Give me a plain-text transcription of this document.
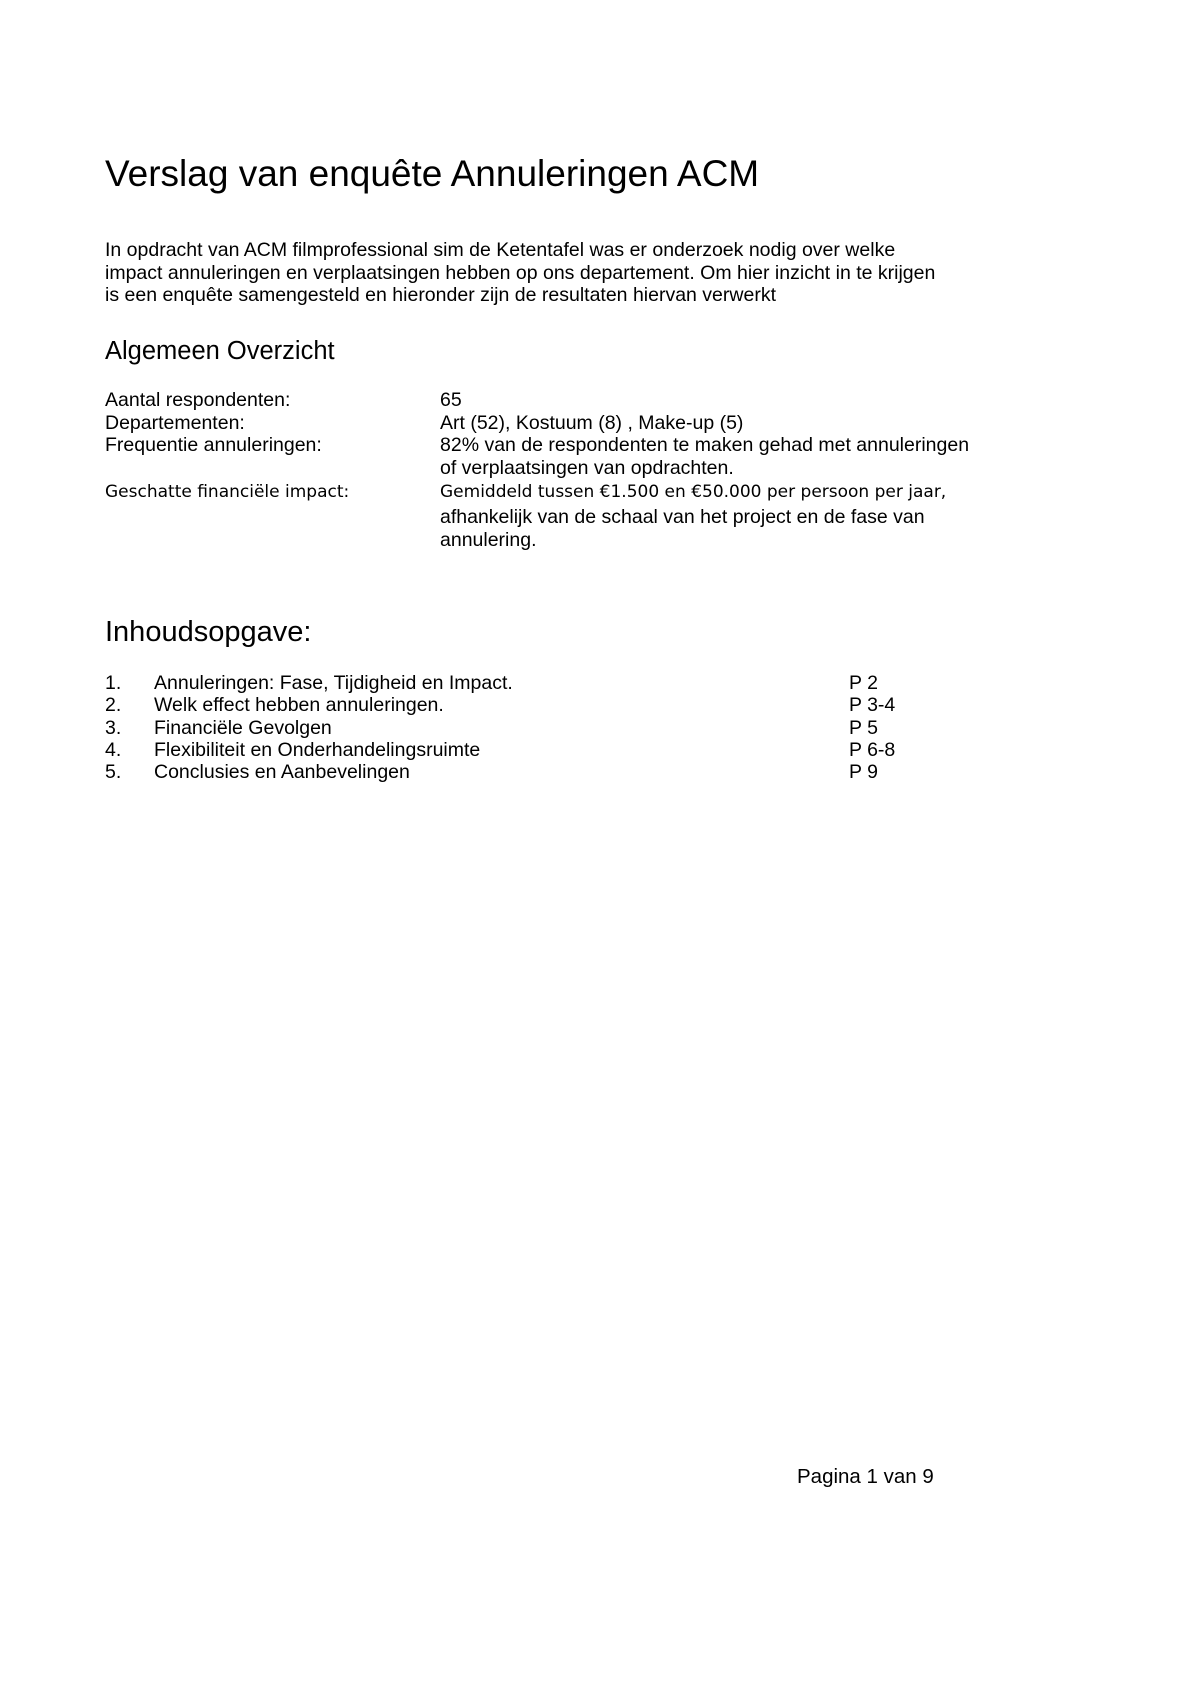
Verslag van enquête Annuleringen ACM

In opdracht van ACM filmprofessional sim de Ketentafel was er onderzoek nodig over welke
impact annuleringen en verplaatsingen hebben op ons departement. Om hier inzicht in te krijgen
is een enquête samengesteld en hieronder zijn de resultaten hiervan verwerkt

Algemeen Overzicht
Aantal respondenten:	65
Departementen:	Art (52), Kostuum (8) , Make-up (5)
Frequentie annuleringen:	82% van de respondenten te maken gehad met annuleringen
of verplaatsingen van opdrachten.
Geschatte financiële impact:	Gemiddeld tussen €1.500 en €50.000 per persoon per jaar,
afhankelijk van de schaal van het project en de fase van
annulering.
Inhoudsopgave:
1.	Annuleringen: Fase, Tijdigheid en Impact.	P 2
2.	Welk effect hebben annuleringen.	P 3-4
3.	Financiële Gevolgen	P 5
4.	Flexibiliteit en Onderhandelingsruimte	P 6-8
5.	Conclusies en Aanbevelingen	P 9
Pagina 1 van 9
